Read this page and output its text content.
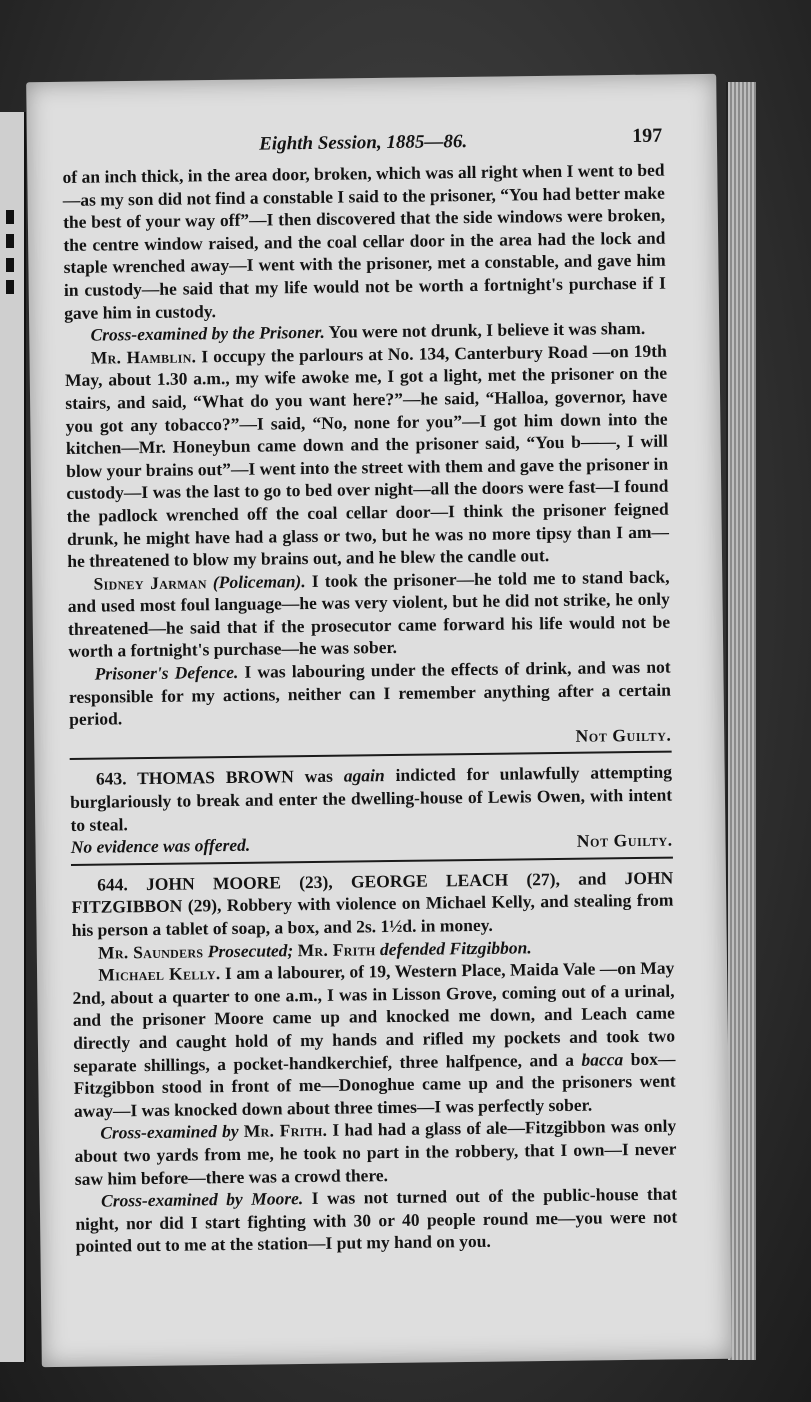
Eighth Session, 1885—86.	197

of an inch thick, in the area door, broken, which was all right when I went to bed—as my son did not find a constable I said to the prisoner, “You had better make the best of your way off”—I then discovered that the side windows were broken, the centre window raised, and the coal cellar door in the area had the lock and staple wrenched away—I went with the prisoner, met a constable, and gave him in custody—he said that my life would not be worth a fortnight's purchase if I gave him in custody.

Cross-examined by the Prisoner. You were not drunk, I believe it was sham.

Mr. Hamblin. I occupy the parlours at No. 134, Canterbury Road —on 19th May, about 1.30 a.m., my wife awoke me, I got a light, met the prisoner on the stairs, and said, “What do you want here?”—he said, “Halloa, governor, have you got any tobacco?”—I said, “No, none for you”—I got him down into the kitchen—Mr. Honeybun came down and the prisoner said, “You b——, I will blow your brains out”—I went into the street with them and gave the prisoner in custody—I was the last to go to bed over night—all the doors were fast—I found the padlock wrenched off the coal cellar door—I think the prisoner feigned drunk, he might have had a glass or two, but he was no more tipsy than I am—he threatened to blow my brains out, and he blew the candle out.

Sidney Jarman (Policeman). I took the prisoner—he told me to stand back, and used most foul language—he was very violent, but he did not strike, he only threatened—he said that if the prosecutor came forward his life would not be worth a fortnight's purchase—he was sober.

Prisoner's Defence. I was labouring under the effects of drink, and was not responsible for my actions, neither can I remember anything after a certain period.

Not Guilty.

643. THOMAS BROWN was again indicted for unlawfully attempting burglariously to break and enter the dwelling-house of Lewis Owen, with intent to steal.

No evidence was offered.	Not Guilty.

644. JOHN MOORE (23), GEORGE LEACH (27), and JOHN FITZGIBBON (29), Robbery with violence on Michael Kelly, and stealing from his person a tablet of soap, a box, and 2s. 1½d. in money.

Mr. Saunders Prosecuted; Mr. Frith defended Fitzgibbon.

Michael Kelly. I am a labourer, of 19, Western Place, Maida Vale —on May 2nd, about a quarter to one a.m., I was in Lisson Grove, coming out of a urinal, and the prisoner Moore came up and knocked me down, and Leach came directly and caught hold of my hands and rifled my pockets and took two separate shillings, a pocket-handkerchief, three halfpence, and a bacca box—Fitzgibbon stood in front of me—Donoghue came up and the prisoners went away—I was knocked down about three times—I was perfectly sober.

Cross-examined by Mr. Frith. I had had a glass of ale—Fitzgibbon was only about two yards from me, he took no part in the robbery, that I own—I never saw him before—there was a crowd there.

Cross-examined by Moore. I was not turned out of the public-house that night, nor did I start fighting with 30 or 40 people round me—you were not pointed out to me at the station—I put my hand on you.
